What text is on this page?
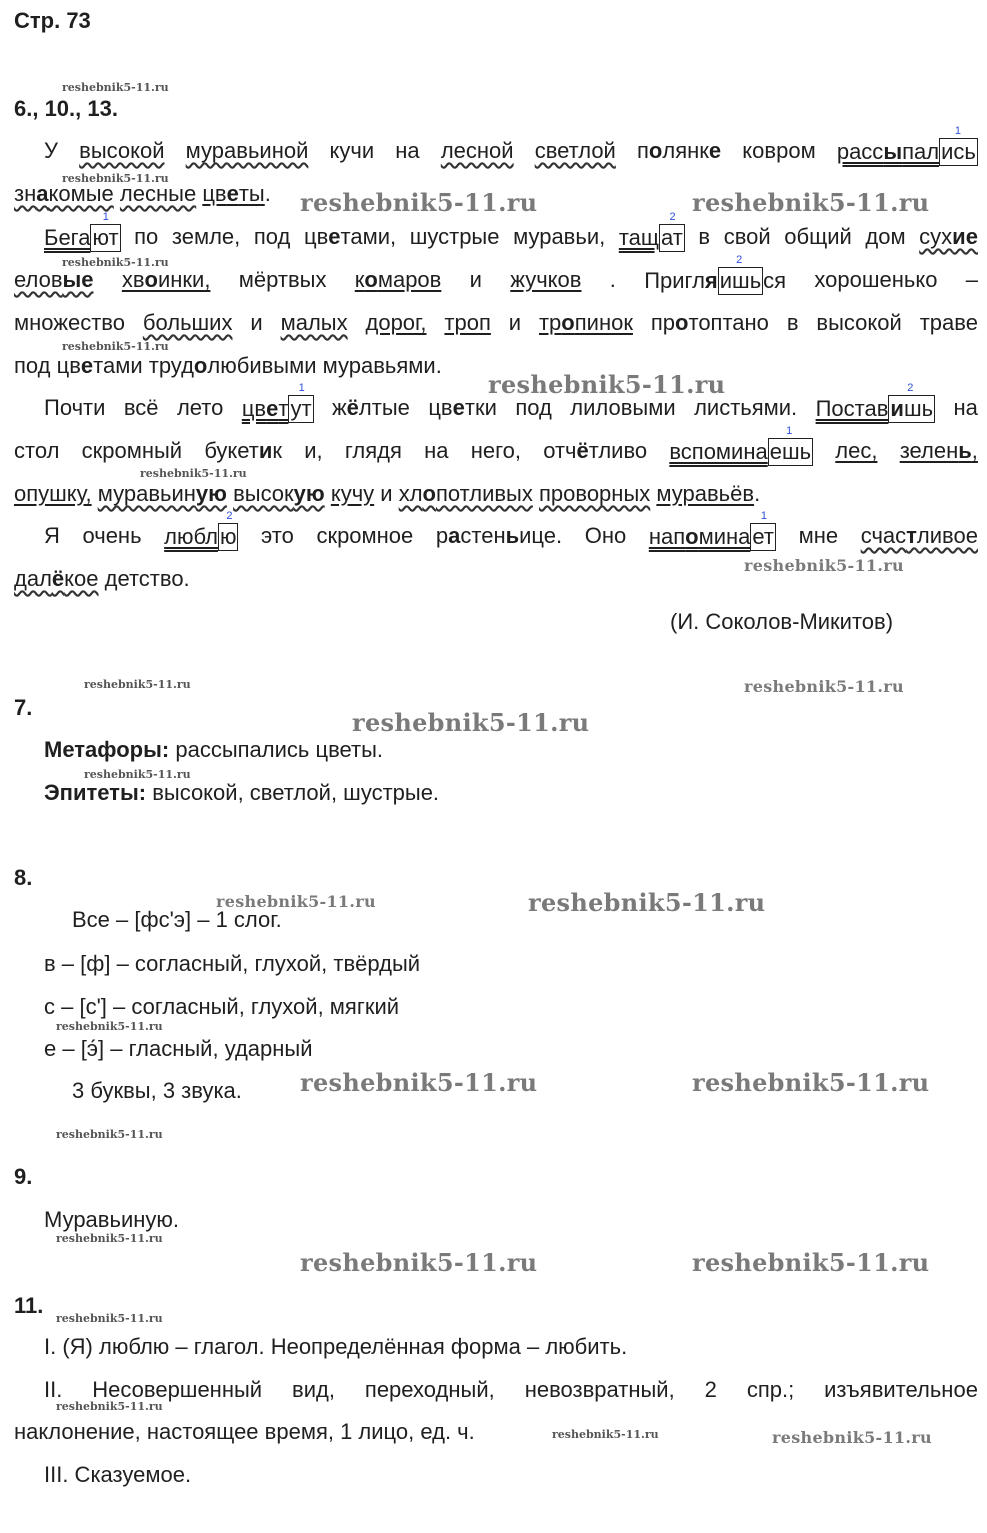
Стр. 73
reshebnik5-11.ru
reshebnik5-11.ru
reshebnik5-11.ru
reshebnik5-11.ru
reshebnik5-11.ru
reshebnik5-11.ru
reshebnik5-11.ru
reshebnik5-11.ru
reshebnik5-11.ru
reshebnik5-11.ru
reshebnik5-11.ru
reshebnik5-11.ru
reshebnik5-11.ru
reshebnik5-11.ru	reshebnik5-11.ru
reshebnik5-11.ru
reshebnik5-11.ru
reshebnik5-11.ru
reshebnik5-11.ru
reshebnik5-11.ru	reshebnik5-11.ru
reshebnik5-11.ru	reshebnik5-11.ru
reshebnik5-11.ru	reshebnik5-11.ru
reshebnik5-11.ru
6., 10., 13.
У высокой муравьиной кучи на лесной светлой полянке ковром рассыпал1 ись
знакомые лесные цветы.
Бега1 ют по земле, под цветами, шустрые муравьи, тащ2 ат в свой общий дом сухие
еловые хвоинки, мёртвых комаров и жучков . Пригля2 ишься хорошенько –
множество больших и малых дорог, троп и тропинок протоптано в высокой траве
под цветами трудолюбивыми муравьями.
Почти всё лето цвет1 ут жёлтые цветки под лиловыми листьями. Постав2 ишь на
стол скромный букетик и, глядя на него, отчётливо вспомина1 ешь лес, зелень,
опушку, муравьиную высокую кучу и хлопотливых проворных муравьёв.
Я очень любл2 ю это скромное растеньице. Оно напомина1 ет мне счастливое
далёкое детство.
(И. Соколов-Микитов)
7.
Метафоры: рассыпались цветы.
Эпитеты: высокой, светлой, шустрые.
8.
Все – [фс'э] – 1 слог.
в – [ф] – согласный, глухой, твёрдый
с – [с'] – согласный, глухой, мягкий
е – [э́] – гласный, ударный
3 буквы, 3 звука.
9.
Муравьиную.
11.
I. (Я) люблю – глагол. Неопределённая форма – любить.
II. Несовершенный вид, переходный, невозвратный, 2 спр.; изъявительное
наклонение, настоящее время, 1 лицо, ед. ч.
III. Сказуемое.
